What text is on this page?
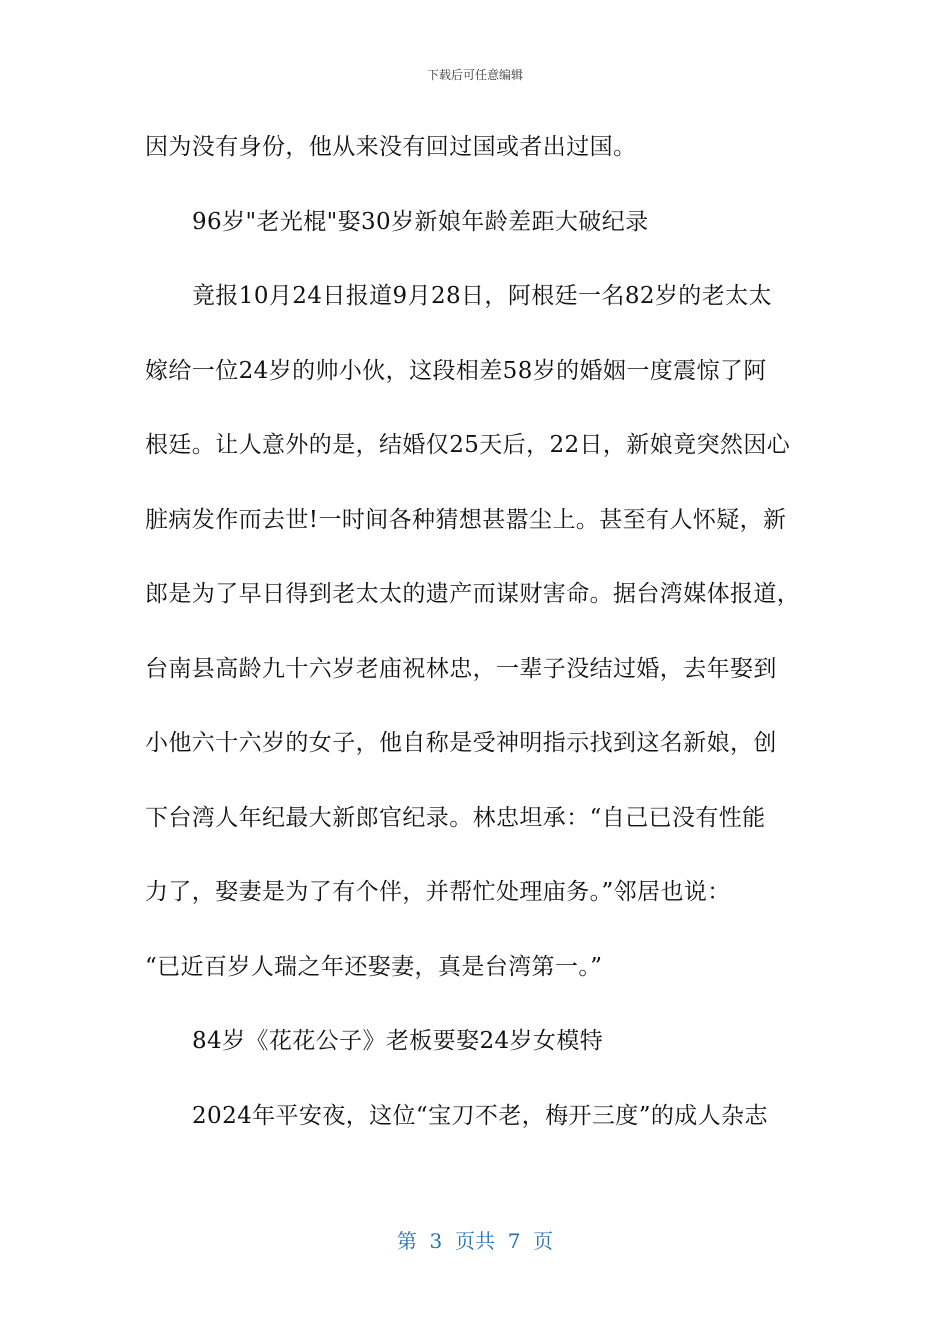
下载后可任意编辑
因为没有身份，他从来没有回过国或者出过国。
96岁"老光棍"娶30岁新娘年龄差距大破纪录
竟报10月24日报道9月28日，阿根廷一名82岁的老太太
嫁给一位24岁的帅小伙，这段相差58岁的婚姻一度震惊了阿
根廷。让人意外的是，结婚仅25天后，22日，新娘竟突然因心
脏病发作而去世!一时间各种猜想甚嚣尘上。甚至有人怀疑，新
郎是为了早日得到老太太的遗产而谋财害命。据台湾媒体报道，
台南县高龄九十六岁老庙祝林忠，一辈子没结过婚，去年娶到
小他六十六岁的女子，他自称是受神明指示找到这名新娘，创
下台湾人年纪最大新郎官纪录。林忠坦承：“自己已没有性能
力了，娶妻是为了有个伴，并帮忙处理庙务。”邻居也说：
“已近百岁人瑞之年还娶妻，真是台湾第一。”
84岁《花花公子》老板要娶24岁女模特
2024年平安夜，这位“宝刀不老，梅开三度”的成人杂志
第  3  页共  7  页
